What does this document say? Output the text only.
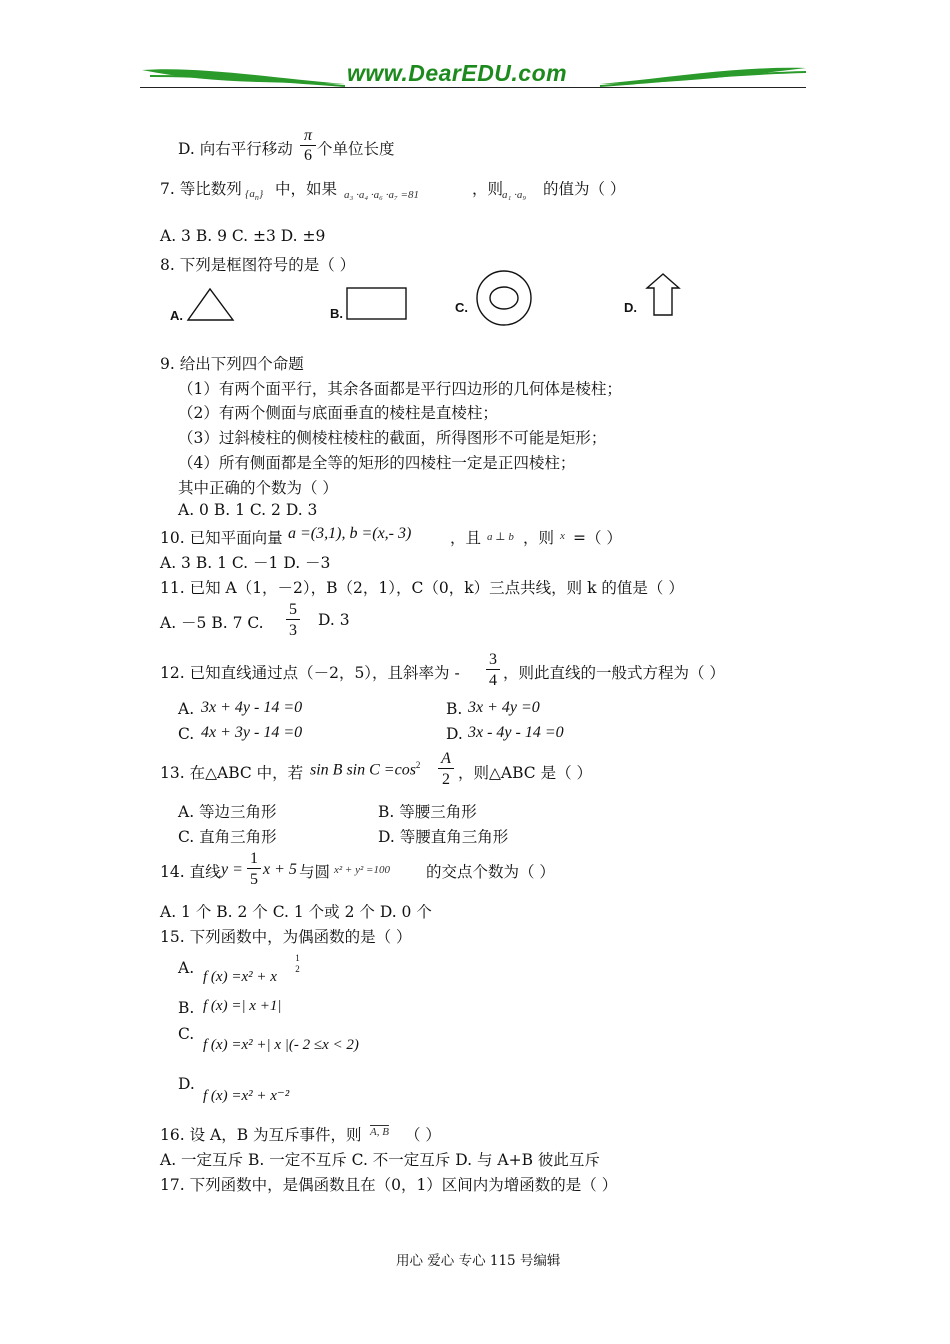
www.DearEDU.com
D. 向右平行移动
π
6 个单位长度
7. 等比数列 $\{a_n\}$ 中，如果 a₃ ·a₄ ·a₆ ·a₇ =81	，则
a₁ ·a₉ 的值为（ ）
A. 3 B. 9 C. ±3 D. ±9
8. 下列是框图符号的是（ ）
A.	B.	C.	D.
9. 给出下列四个命题
（1）有两个面平行，其余各面都是平行四边形的几何体是棱柱；
（2）有两个侧面与底面垂直的棱柱是直棱柱；
（3）过斜棱柱的侧棱柱棱柱的截面，所得图形不可能是矩形；
（4）所有侧面都是全等的矩形的四棱柱一定是正四棱柱；
其中正确的个数为（ ）
A. 0 B. 1 C. 2 D. 3
10. 已知平面向量 a =(3,1), b =(x,- 3) ，且 a ⊥ b ，则 x =（ ）
A. 3 B. 1 C. －1 D. －3
11. 已知 A（1，－2），B（2，1），C（0，k）三点共线，则 k 的值是（ ）
A. －5 B. 7 C.
5
3
D. 3
12. 已知直线通过点（－2，5），且斜率为 -
3
4 ，则此直线的一般式方程为（ ）
A. 3x + 4y - 14 =0	B. 3x + 4y =0
C. 4x + 3y - 14 =0	D. 3x - 4y - 14 =0
13. 在△ABC 中，若 sin B $\sin C =\cos^2$ A
2 ，则△ABC 是（ ）
A. 等边三角形	B. 等腰三角形
C. 直角三角形	D. 等腰直角三角形
14. 直线 y =
1
5
x + 5 与圆 x² + y² =100 的交点个数为（ ）
A. 1 个 B. 2 个 C. 1 个或 2 个 D. 0 个
15. 下列函数中，为偶函数的是（ ）
A. f (x) =x² + x
1
2
B. f (x) =| x +1|
C.
f (x) =x² +| x |(- 2 ≤x < 2)
D.
f (x) =x² + x⁻²
16. 设 A，B 为互斥事件，则 A, B （ ）
A. 一定互斥 B. 一定不互斥 C. 不一定互斥 D. 与 A+B 彼此互斥
17. 下列函数中，是偶函数且在（0，1）区间内为增函数的是（ ）
用心 爱心 专心 115 号编辑
